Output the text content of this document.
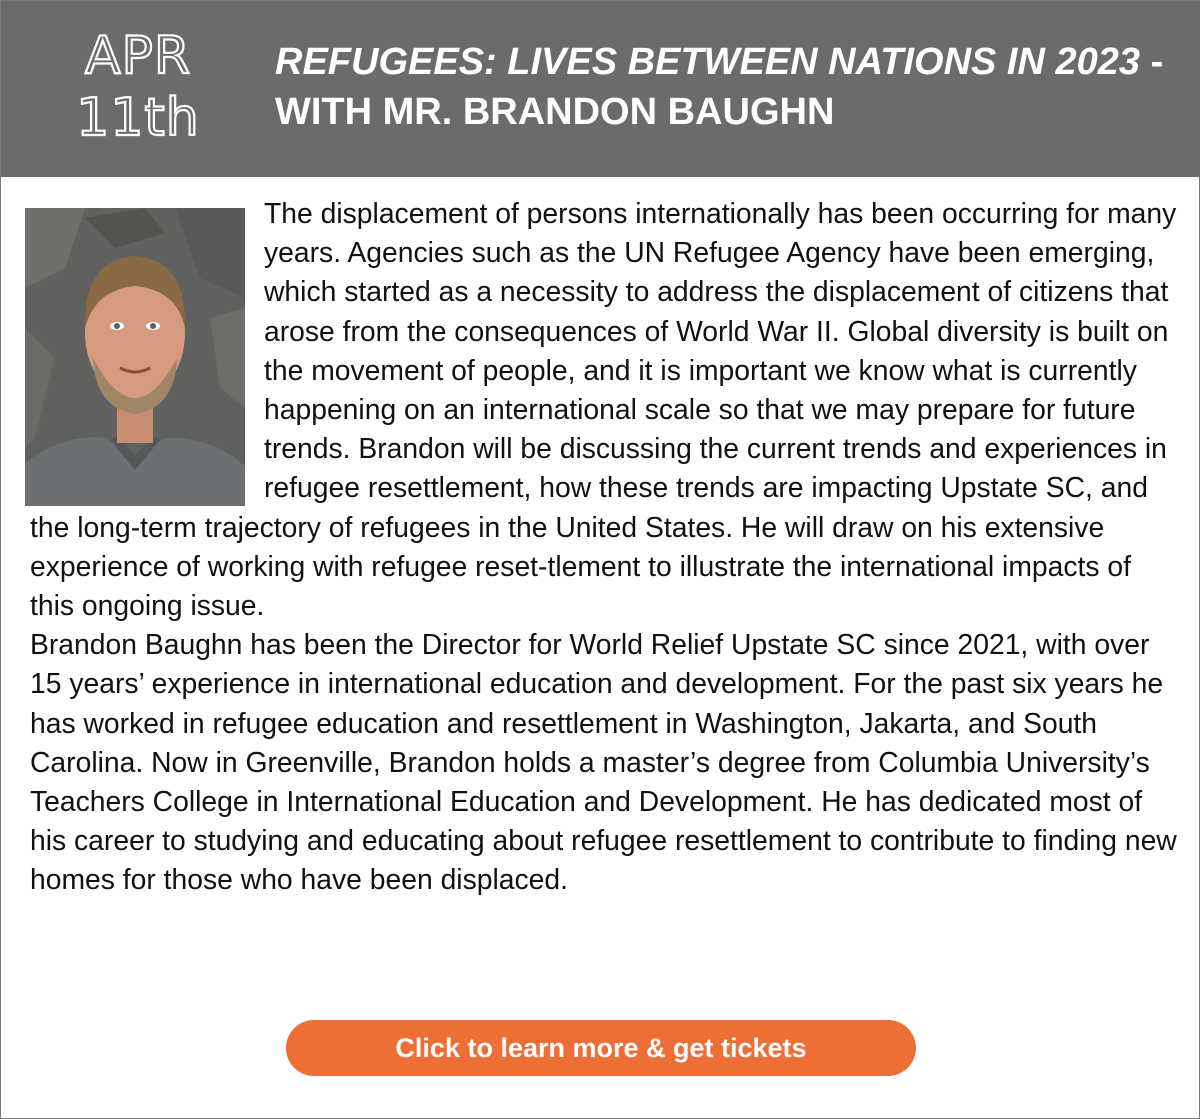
APR
11th
REFUGEES: LIVES BETWEEN NATIONS IN 2023 - WITH MR. BRANDON BAUGHN

The displacement of persons internationally has been occurring for many years. Agencies such as the UN Refugee Agency have been emerging, which started as a necessity to address the displacement of citizens that arose from the consequences of World War II. Global diversity is built on the movement of people, and it is important we know what is currently happening on an international scale so that we may prepare for future trends. Brandon will be discussing the current trends and experiences in refugee resettlement, how these trends are impacting Upstate SC, and the long-term trajectory of refugees in the United States. He will draw on his extensive experience of working with refugee reset-tlement to illustrate the international impacts of this ongoing issue.

Brandon Baughn has been the Director for World Relief Upstate SC since 2021, with over 15 years’ experience in international education and development. For the past six years he has worked in refugee education and resettlement in Washington, Jakarta, and South Carolina. Now in Greenville, Brandon holds a master’s degree from Columbia University’s Teachers College in International Education and Development. He has dedicated most of his career to studying and educating about refugee resettlement to contribute to finding new homes for those who have been displaced.

Click to learn more & get tickets
